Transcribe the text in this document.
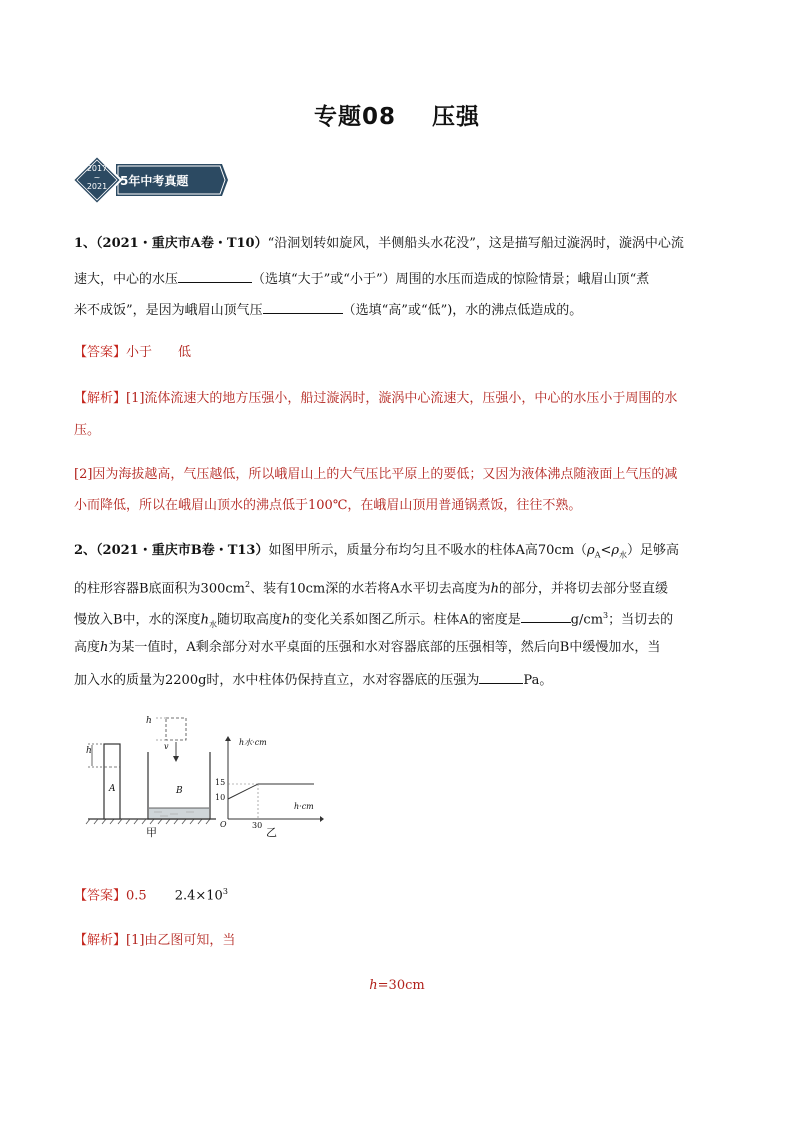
专题08 压强
2017
~
2021	5年中考真题
1、（2021・重庆市A卷・T10）“沿洄划转如旋风，半侧船头水花没”，这是描写船过漩涡时，漩涡中心流
速大，中心的水压	（选填“大于”或“小于”）周围的水压而造成的惊险情景；峨眉山顶“煮
米不成饭”，是因为峨眉山顶气压	（选填“高”或“低”)，水的沸点低造成的。
【答案】小于 低
【解析】[1]流体流速大的地方压强小，船过漩涡时，漩涡中心流速大，压强小，中心的水压小于周围的水
压。
[2]因为海拔越高，气压越低，所以峨眉山上的大气压比平原上的要低；又因为液体沸点随液面上气压的减
小而降低，所以在峨眉山顶水的沸点低于100℃，在峨眉山顶用普通锅煮饭，往往不熟。
2、（2021・重庆市B卷・T13）如图甲所示，质量分布均匀且不吸水的柱体A高$70cm(\rho_A<\rho_水)$足够高
的柱形容器B底面积为$300cm^2$、装有10cm深的水若将A水平切去高度为h的部分，并将切去部分竖直缓
慢放入B中，水的深度$h_水$随切取高度h的变化关系如图乙所示。柱体A的密度是	$g/cm^3$；当切去的
高度h为某一值时，A剩余部分对水平桌面的压强和水对容器底部的压强相等，然后向B中缓慢加水，当
加入水的质量为2200g时，水中柱体仍保持直立，水对容器底的压强为	Pa。
h
A
h
v
B
甲
h水·cm
h·cm
15
10
30
O
乙
【答案】0.5 $2.4\times 10^3$
【解析】[1]由乙图可知，当
h=30cm
